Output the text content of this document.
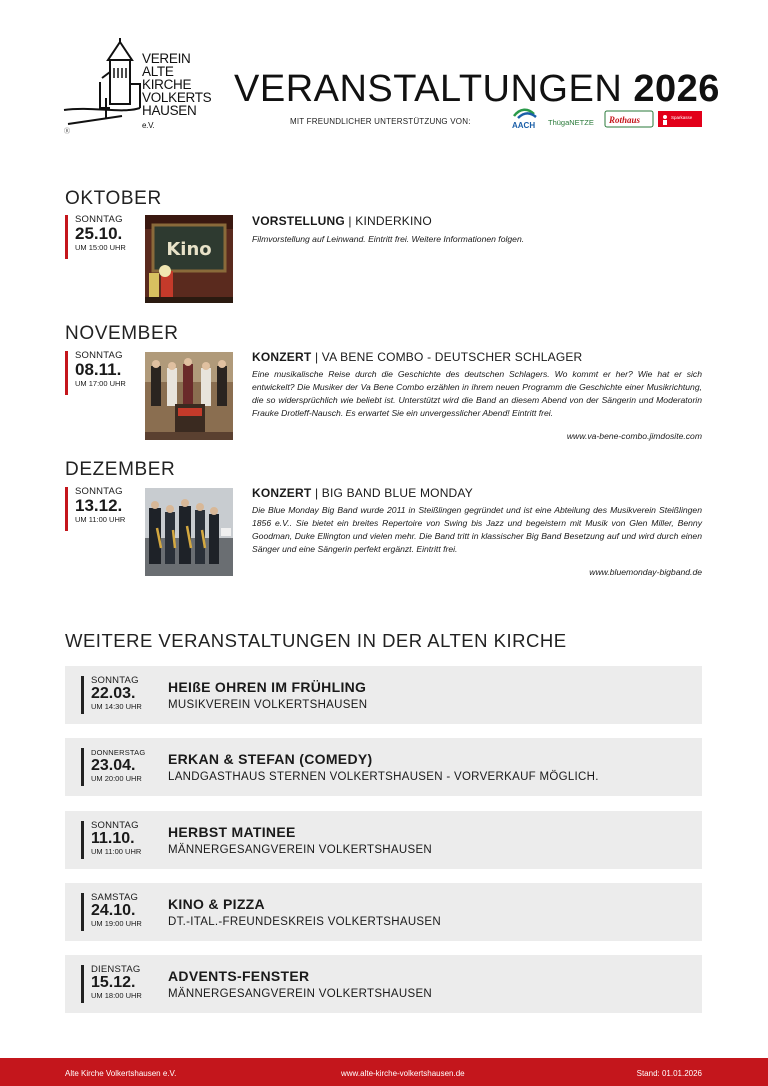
Ⓡ
VEREIN
ALTE KIRCHE
VOLKERTS
HAUSEN e.V.
VERANSTALTUNGEN 2026
MIT FREUNDLICHER UNTERSTÜTZUNG VON:	AACH ThügaNETZE Rothaus	Sparkasse
OKTOBER
SONNTAG
25.10.
UM 15:00 UHR Kino
VORSTELLUNG | KINDERKINO
Filmvorstellung auf Leinwand. Eintritt frei. Weitere Informationen folgen.
NOVEMBER
SONNTAG
08.11.
UM 17:00 UHR
KONZERT | VA BENE COMBO - DEUTSCHER SCHLAGER
Eine musikalische Reise durch die Geschichte des deutschen Schlagers. Wo kommt er her? Wie hat er sich entwickelt? Die Musiker der Va Bene Combo erzählen in ihrem neuen Programm die Geschichte einer Musikrichtung, die so widersprüchlich wie beliebt ist. Unterstützt wird die Band an diesem Abend von der Sängerin und Moderatorin Frauke Drotleff-Nausch. Es erwartet Sie ein unvergesslicher Abend! Eintritt frei.
www.va-bene-combo.jimdosite.com
DEZEMBER
SONNTAG
13.12.
UM 11:00 UHR
KONZERT | BIG BAND BLUE MONDAY
Die Blue Monday Big Band wurde 2011 in Steißlingen gegründet und ist eine Abteilung des Musikverein Steißlingen 1856 e.V.. Sie bietet ein breites Repertoire von Swing bis Jazz und begeistern mit Musik von Glen Miller, Benny Goodman, Duke Ellington und vielen mehr. Die Band tritt in klassischer Big Band Besetzung auf und wird durch einen Sänger und eine Sängerin perfekt ergänzt. Eintritt frei.
www.bluemonday-bigband.de
WEITERE VERANSTALTUNGEN IN DER ALTEN KIRCHE
SONNTAG
22.03.
UM 14:30 UHR
HEIßE OHREN IM FRÜHLING
MUSIKVEREIN VOLKERTSHAUSEN
DONNERSTAG
23.04.
UM 20:00 UHR
ERKAN & STEFAN (COMEDY)
LANDGASTHAUS STERNEN VOLKERTSHAUSEN - VORVERKAUF MÖGLICH.
SONNTAG
11.10.
UM 11:00 UHR
HERBST MATINEE
MÄNNERGESANGVEREIN VOLKERTSHAUSEN
SAMSTAG
24.10.
UM 19:00 UHR
KINO & PIZZA
DT.-ITAL.-FREUNDESKREIS VOLKERTSHAUSEN
DIENSTAG
15.12.
UM 18:00 UHR
ADVENTS-FENSTER
MÄNNERGESANGVEREIN VOLKERTSHAUSEN
Alte Kirche Volkertshausen e.V.	www.alte-kirche-volkertshausen.de	Stand: 01.01.2026
